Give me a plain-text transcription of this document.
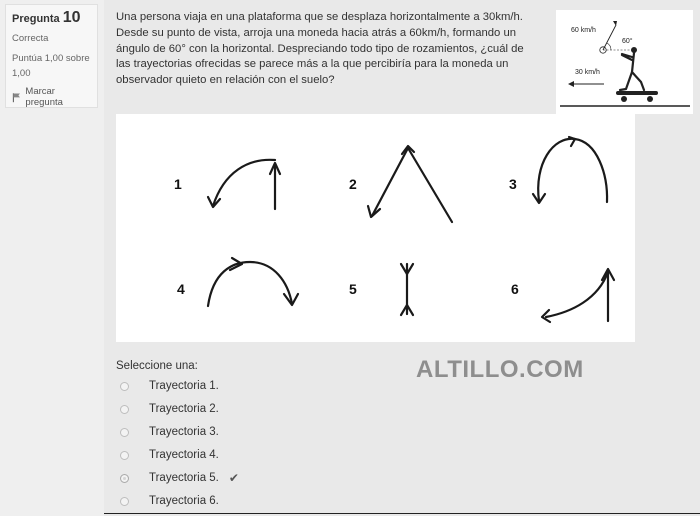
Pregunta 10
Correcta
Puntúa 1,00 sobre
1,00
Marcar pregunta
Una persona viaja en una plataforma que se desplaza horizontalmente a 30km/h. Desde su punto de vista, arroja una moneda hacia atrás a 60km/h, formando un ángulo de 60° con la horizontal. Despreciando todo tipo de rozamientos, ¿cuál de las trayectorias ofrecidas se parece más a la que percibiría para la moneda un observador quieto en relación con el suelo?
60 km/h
60°
30 km/h
1	2	3
4	5	6
Seleccione una:
Trayectoria 1.
Trayectoria 2.
Trayectoria 3.
Trayectoria 4.
Trayectoria 5. ✔
Trayectoria 6.
ALTILLO.COM
